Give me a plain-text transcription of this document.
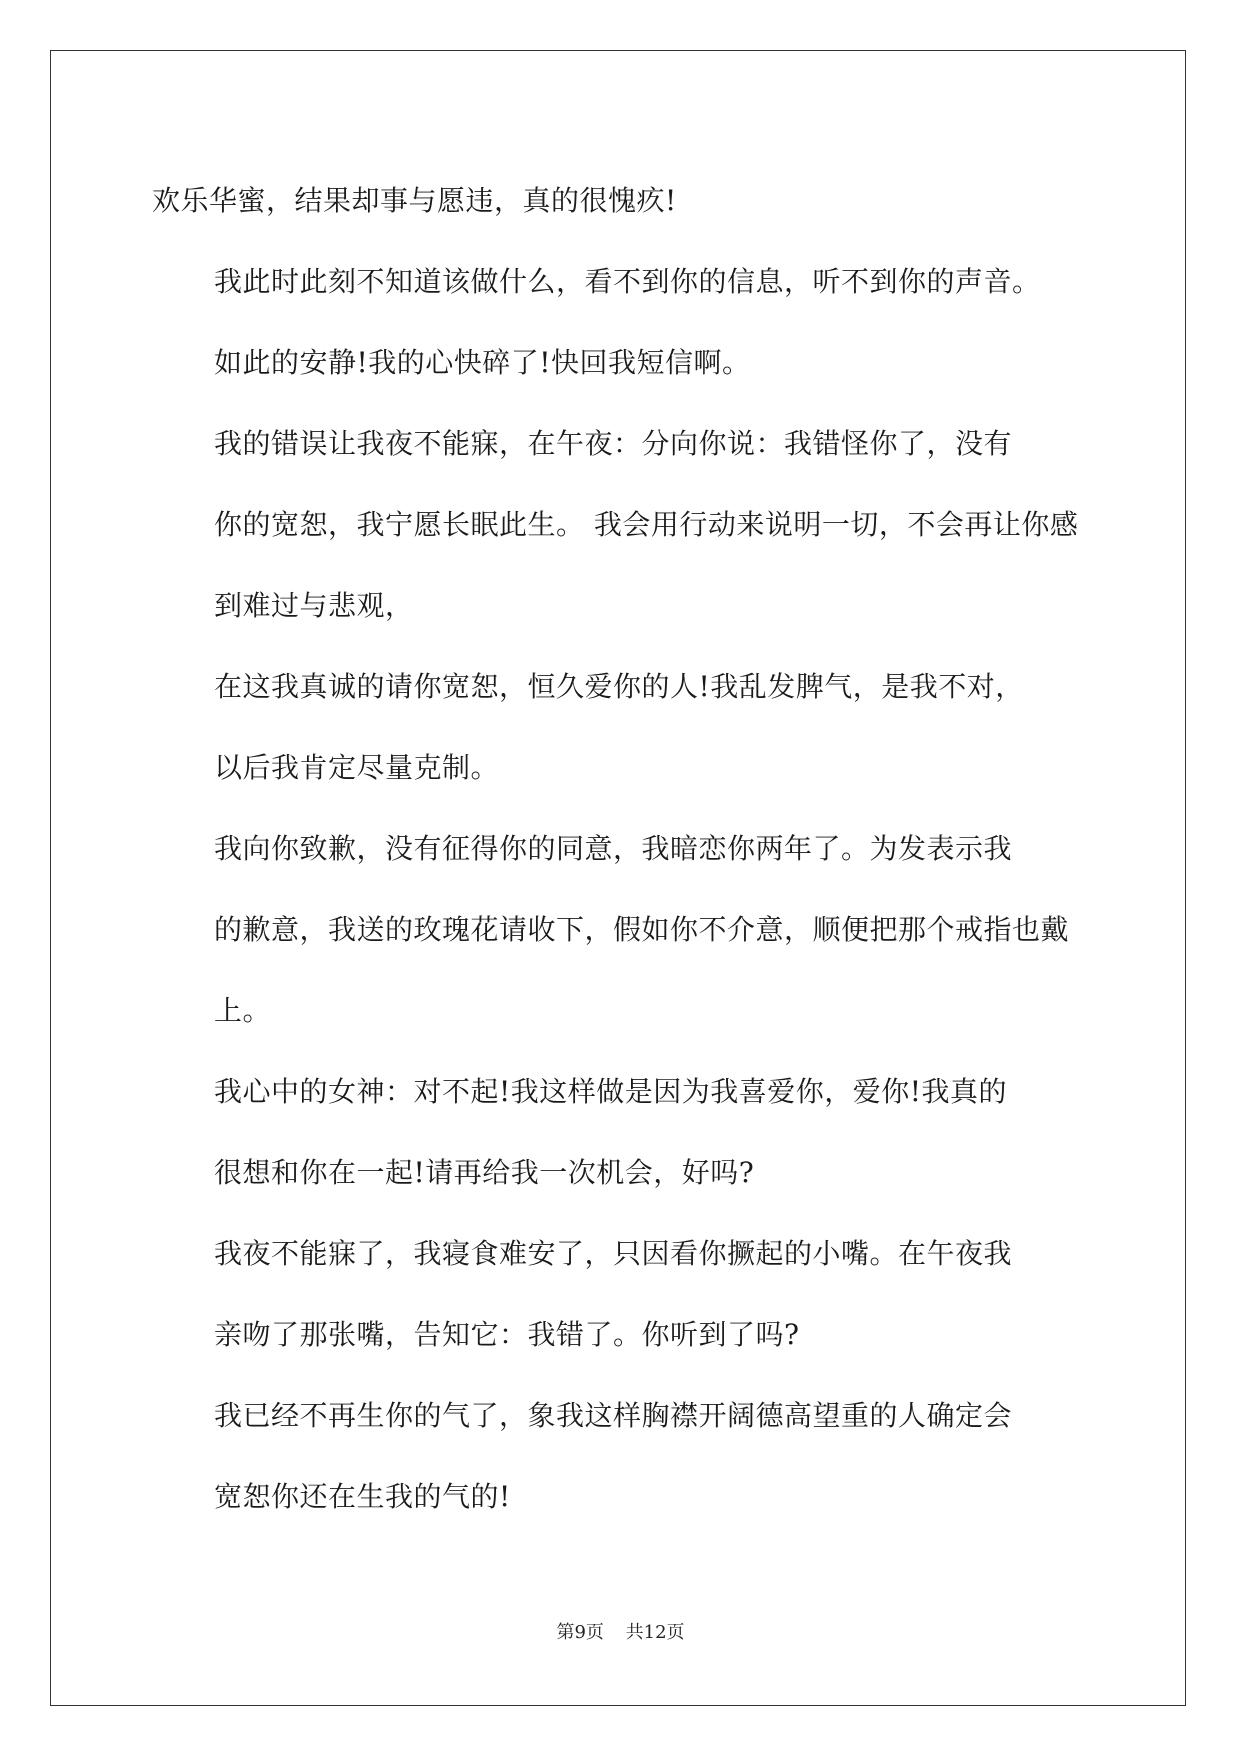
欢乐华蜜，结果却事与愿违，真的很愧疚!
我此时此刻不知道该做什么，看不到你的信息，听不到你的声音。
如此的安静!我的心快碎了!快回我短信啊。
我的错误让我夜不能寐，在午夜：分向你说：我错怪你了，没有
你的宽恕，我宁愿长眠此生。 我会用行动来说明一切，不会再让你感
到难过与悲观，
在这我真诚的请你宽恕，恒久爱你的人!我乱发脾气，是我不对，
以后我肯定尽量克制。
我向你致歉，没有征得你的同意，我暗恋你两年了。为发表示我
的歉意，我送的玫瑰花请收下，假如你不介意，顺便把那个戒指也戴
上。
我心中的女神：对不起!我这样做是因为我喜爱你，爱你!我真的
很想和你在一起!请再给我一次机会，好吗?
我夜不能寐了，我寝食难安了，只因看你撅起的小嘴。在午夜我
亲吻了那张嘴，告知它：我错了。你听到了吗?
我已经不再生你的气了，象我这样胸襟开阔德高望重的人确定会
宽恕你还在生我的气的!
第9页 共12页
